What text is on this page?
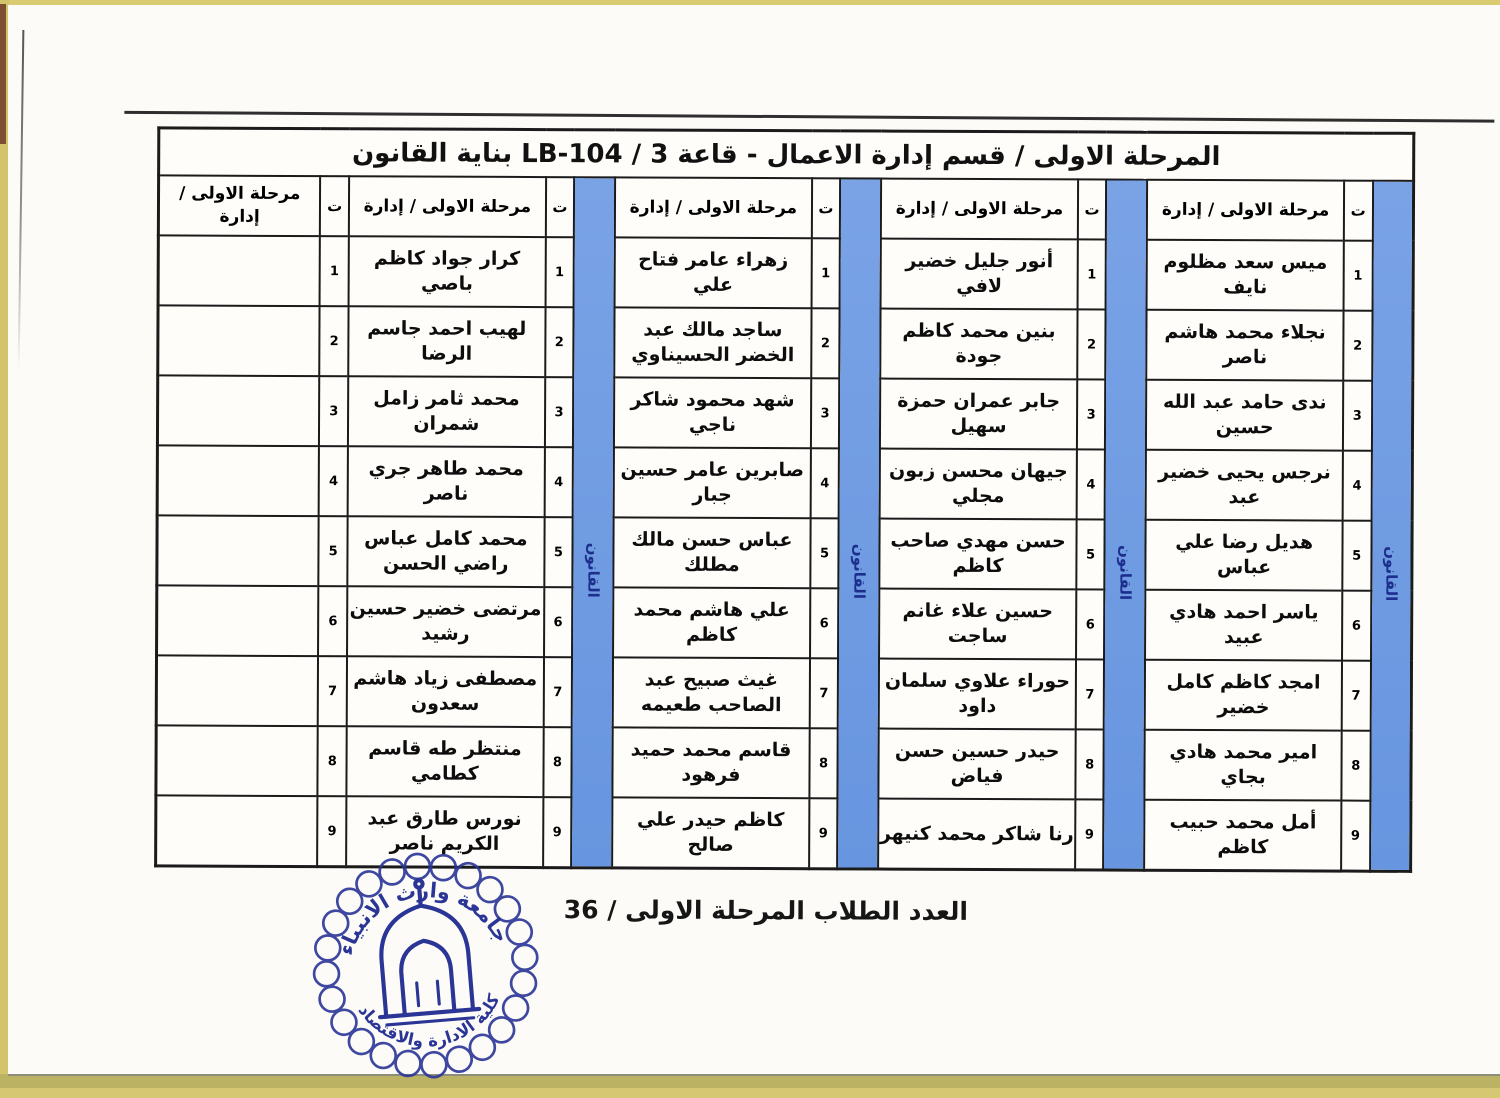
المرحلة الاولى / قسم إدارة الاعمال - قاعة 3 / LB-104 بناية القانون													

القانون	ت	مرحلة الاولى / إدارة	القانون	ت	مرحلة الاولى / إدارة	القانون	ت	مرحلة الاولى / إدارة	القانون	ت	مرحلة الاولى / إدارة	ت	مرحلة الاولى / إدارة
	1	ميس سعد مظلوم نايف		1	أنور جليل خضير لافي		1	زهراء عامر فتاح علي		1	كرار جواد كاظم باصي	1	
	2	نجلاء محمد هاشم ناصر		2	بنين محمد كاظم جودة		2	ساجد مالك عبد الخضر الحسيناوي		2	لهيب احمد جاسم الرضا	2	
	3	ندى حامد عبد الله حسين		3	جابر عمران حمزة سهيل		3	شهد محمود شاكر ناجي		3	محمد ثامر زامل شمران	3	
	4	نرجس يحيى خضير عبد		4	جيهان محسن زبون مجلي		4	صابرين عامر حسين جبار		4	محمد طاهر جري ناصر	4	
	5	هديل رضا علي عباس		5	حسن مهدي صاحب كاظم		5	عباس حسن مالك مطلك		5	محمد كامل عباس راضي الحسن	5	
	6	ياسر احمد هادي عبيد		6	حسين علاء غانم ساجت		6	علي هاشم محمد كاظم		6	مرتضى خضير حسين رشيد	6	
	7	امجد كاظم كامل خضير		7	حوراء علاوي سلمان داود		7	غيث صبيح عبد الصاحب طعيمه		7	مصطفى زياد هاشم سعدون	7	
	8	امير محمد هادي بجاي		8	حيدر حسين حسن فياض		8	قاسم محمد حميد فرهود		8	منتظر طه قاسم كطامي	8	
	9	أمل محمد حبيب كاظم		9	رنا شاكر محمد كنيهر		9	كاظم حيدر علي صالح		9	نورس طارق عبد الكريم ناصر	9	
العدد الطلاب المرحلة الاولى / 36
جامعة وارث الانبياء
كلية الادارة والاقتصاد
